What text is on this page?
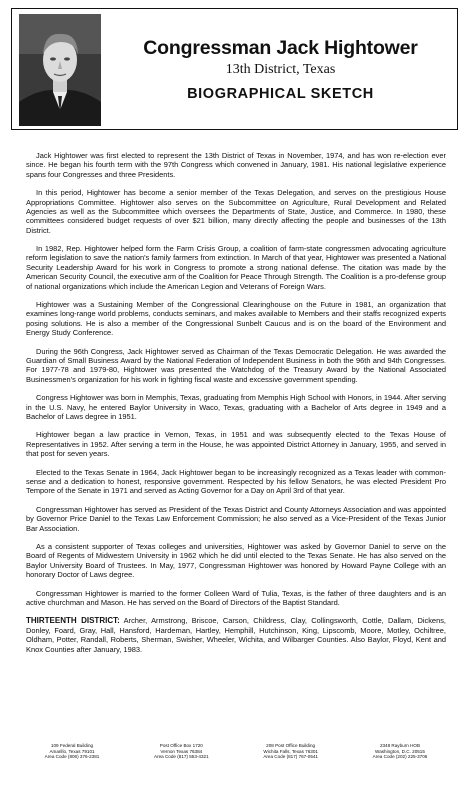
Congressman Jack Hightower
13th District, Texas
BIOGRAPHICAL SKETCH

Jack Hightower was first elected to represent the 13th District of Texas in November, 1974, and has won re-election ever since. He began his fourth term with the 97th Congress which convened in January, 1981. His national legislative experience spans four Congresses and three Presidents.

In this period, Hightower has become a senior member of the Texas Delegation, and serves on the prestigious House Appropriations Committee. Hightower also serves on the Subcommittee on Agriculture, Rural Development and Related Agencies as well as the Subcommittee which oversees the Departments of State, Justice, and Commerce. In 1980, these committees considered budget requests of over $21 billion, many directly affecting the people and businesses of the 13th District.

In 1982, Rep. Hightower helped form the Farm Crisis Group, a coalition of farm-state congressmen advocating agriculture reform legislation to save the nation's family farmers from extinction. In March of that year, Hightower was presented a National Security Leadership Award for his work in Congress to promote a strong national defense. The citation was made by the American Security Council, the executive arm of the Coalition for Peace Through Strength. The Coalition is a pro-defense group of national organizations which include the American Legion and Veterans of Foreign Wars.

Hightower was a Sustaining Member of the Congressional Clearinghouse on the Future in 1981, an organization that examines long-range world problems, conducts seminars, and makes available to Members and their staffs recognized experts posing solutions. He is also a member of the Congressional Sunbelt Caucus and is on the board of the Environment and Energy Study Conference.

During the 96th Congress, Jack Hightower served as Chairman of the Texas Democratic Delegation. He was awarded the Guardian of Small Business Award by the National Federation of Independent Business in both the 96th and 94th Congresses. For 1977-78 and 1979-80, Hightower was presented the Watchdog of the Treasury Award by the National Associated Businessmen's organization for his work in fighting fiscal waste and excessive government spending.

Congress Hightower was born in Memphis, Texas, graduating from Memphis High School with Honors, in 1944. After serving in the U.S. Navy, he entered Baylor University in Waco, Texas, graduating with a Bachelor of Arts degree in 1949 and a Bachelor of Laws degree in 1951.

Hightower began a law practice in Vernon, Texas, in 1951 and was subsequently elected to the Texas House of Representatives in 1952. After serving a term in the House, he was appointed District Attorney in January, 1955, and served in that post for seven years.

Elected to the Texas Senate in 1964, Jack Hightower began to be increasingly recognized as a Texas leader with common-sense and a dedication to honest, responsive government. Respected by his fellow Senators, he was elected President Pro Tempore of the Senate in 1971 and served as Acting Governor for a Day on April 3rd of that year.

Congressman Hightower has served as President of the Texas District and County Attorneys Association and was appointed by Governor Price Daniel to the Texas Law Enforcement Commission; he also served as a Vice-President of the Texas Junior Bar Association.

As a consistent supporter of Texas colleges and universities, Hightower was asked by Governor Daniel to serve on the Board of Regents of Midwestern University in 1962 which he did until elected to the Texas Senate. He has also served on the Baylor University Board of Trustees. In May, 1977, Congressman Hightower was honored by Howard Payne College with an honorary Doctor of Laws degree.

Congressman Hightower is married to the former Colleen Ward of Tulia, Texas, is the father of three daughters and is an active churchman and Mason. He has served on the Board of Directors of the Baptist Standard.

THIRTEENTH DISTRICT: Archer, Armstrong, Briscoe, Carson, Childress, Clay, Collingsworth, Cottle, Dallam, Dickens, Donley, Foard, Gray, Hall, Hansford, Hardeman, Hartley, Hemphill, Hutchinson, King, Lipscomb, Moore, Motley, Ochiltree, Oldham, Potter, Randall, Roberts, Sherman, Swisher, Wheeler, Wichita, and Wilbarger Counties. Also Baylor, Floyd, Kent and Knox Counties after January, 1983.

109 Federal Building
Amarillo, Texas 79101
Area Code (806) 376-2381
Post Office Box 1720
Vernon Texas 76384
Area Code (817) 553-4321
208 Post Office Building
Wichita Falls, Texas 76301
Area Code (817) 767-0541
2348 Rayburn HOB
Washington, D.C. 20515
Area Code (202) 225-3706
